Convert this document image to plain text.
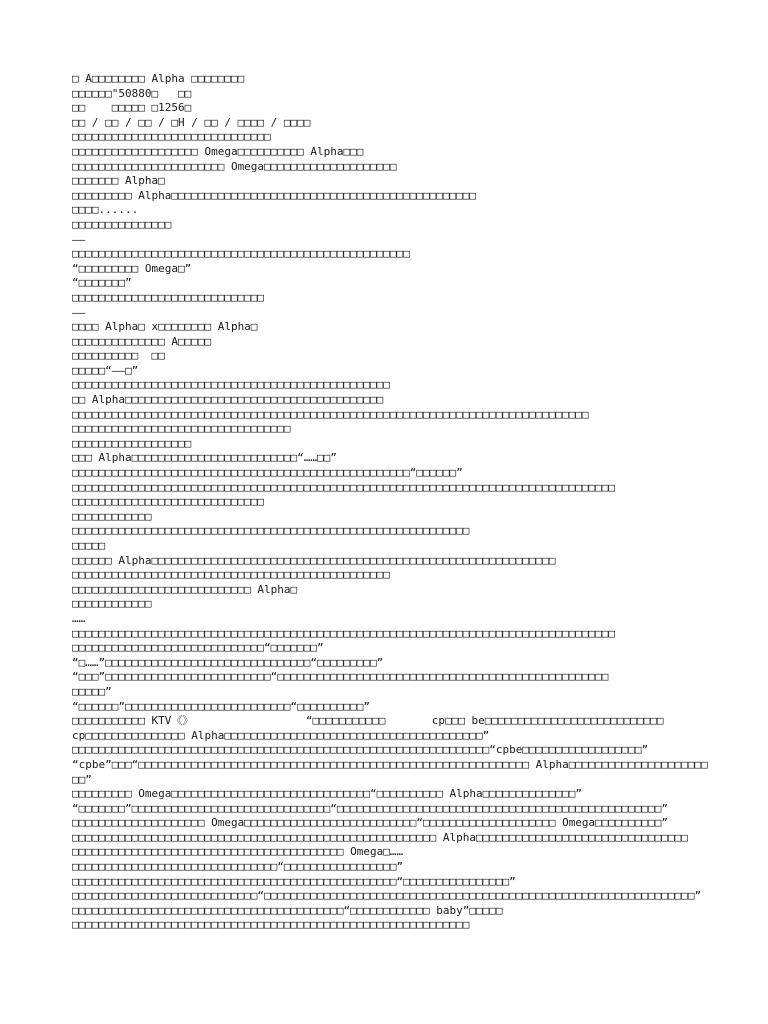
□ A□□□□□□□□ Alpha □□□□□□□□
□□□□□□"50880□   □□
□□    □□□□□ □1256□
□□ / □□ / □□ / □H / □□ / □□□□ / □□□□
□□□□□□□□□□□□□□□□□□□□□□□□□□□□□□
□□□□□□□□□□□□□□□□□□□ Omega□□□□□□□□□□ Alpha□□□
□□□□□□□□□□□□□□□□□□□□□□□ Omega□□□□□□□□□□□□□□□□□□□□
□□□□□□□ Alpha□
□□□□□□□□□ Alpha□□□□□□□□□□□□□□□□□□□□□□□□□□□□□□□□□□□□□□□□□□□□□□
□□□□......
□□□□□□□□□□□□□□□
——
□□□□□□□□□□□□□□□□□□□□□□□□□□□□□□□□□□□□□□□□□□□□□□□□□□□
“□□□□□□□□□ Omega□”
“□□□□□□□”
□□□□□□□□□□□□□□□□□□□□□□□□□□□□□
——
□□□□ Alpha□ x□□□□□□□□ Alpha□
□□□□□□□□□□□□□□ A□□□□□
□□□□□□□□□□  □□
□□□□□“——□”
□□□□□□□□□□□□□□□□□□□□□□□□□□□□□□□□□□□□□□□□□□□□□□□□
□□ Alpha□□□□□□□□□□□□□□□□□□□□□□□□□□□□□□□□□□□□□□□
□□□□□□□□□□□□□□□□□□□□□□□□□□□□□□□□□□□□□□□□□□□□□□□□□□□□□□□□□□□□□□□□□□□□□□□□□□□□□□
□□□□□□□□□□□□□□□□□□□□□□□□□□□□□□□□□
□□□□□□□□□□□□□□□□□□
□□□ Alpha□□□□□□□□□□□□□□□□□□□□□□□□□“……□□”
□□□□□□□□□□□□□□□□□□□□□□□□□□□□□□□□□□□□□□□□□□□□□□□□□□□“□□□□□□”
□□□□□□□□□□□□□□□□□□□□□□□□□□□□□□□□□□□□□□□□□□□□□□□□□□□□□□□□□□□□□□□□□□□□□□□□□□□□□□□□□□
□□□□□□□□□□□□□□□□□□□□□□□□□□□□□
□□□□□□□□□□□□
□□□□□□□□□□□□□□□□□□□□□□□□□□□□□□□□□□□□□□□□□□□□□□□□□□□□□□□□□□□□
□□□□□
□□□□□□ Alpha□□□□□□□□□□□□□□□□□□□□□□□□□□□□□□□□□□□□□□□□□□□□□□□□□□□□□□□□□□□□□
□□□□□□□□□□□□□□□□□□□□□□□□□□□□□□□□□□□□□□□□□□□□□□□□
□□□□□□□□□□□□□□□□□□□□□□□□□□□ Alpha□
□□□□□□□□□□□□
……
□□□□□□□□□□□□□□□□□□□□□□□□□□□□□□□□□□□□□□□□□□□□□□□□□□□□□□□□□□□□□□□□□□□□□□□□□□□□□□□□□□
□□□□□□□□□□□□□□□□□□□□□□□□□□□□□“□□□□□□□”
“□……”□□□□□□□□□□□□□□□□□□□□□□□□□□□□□□□“□□□□□□□□□”
“□□□”□□□□□□□□□□□□□□□□□□□□□□□□□“□□□□□□□□□□□□□□□□□□□□□□□□□□□□□□□□□□□□□□□□□□□□□□□□□□
□□□□□”
“□□□□□□”□□□□□□□□□□□□□□□□□□□□□□□□□“□□□□□□□□□□”
□□□□□□□□□□□ KTV《》                 “□□□□□□□□□□□       cp□□□ be□□□□□□□□□□□□□□□□□□□□□□□□□□□
cp□□□□□□□□□□□□□□□ Alpha□□□□□□□□□□□□□□□□□□□□□□□□□□□□□□□□□□□□□□□”
□□□□□□□□□□□□□□□□□□□□□□□□□□□□□□□□□□□□□□□□□□□□□□□□□□□□□□□□□□□□□□□“cpbe□□□□□□□□□□□□□□□□□□”
“cpbe”□□□“□□□□□□□□□□□□□□□□□□□□□□□□□□□□□□□□□□□□□□□□□□□□□□□□□□□□□□□□□□□ Alpha□□□□□□□□□□□□□□□□□□□□□
□□”
□□□□□□□□□ Omega□□□□□□□□□□□□□□□□□□□□□□□□□□□□□□“□□□□□□□□□□ Alpha□□□□□□□□□□□□□□”
“□□□□□□□”□□□□□□□□□□□□□□□□□□□□□□□□□□□□□□“□□□□□□□□□□□□□□□□□□□□□□□□□□□□□□□□□□□□□□□□□□□□□□□□□”
□□□□□□□□□□□□□□□□□□□□ Omega□□□□□□□□□□□□□□□□□□□□□□□□□□“□□□□□□□□□□□□□□□□□□□□ Omega□□□□□□□□□□”
□□□□□□□□□□□□□□□□□□□□□□□□□□□□□□□□□□□□□□□□□□□□□□□□□□□□□□□ Alpha□□□□□□□□□□□□□□□□□□□□□□□□□□□□□□□□
□□□□□□□□□□□□□□□□□□□□□□□□□□□□□□□□□□□□□□□□□ Omega□……
□□□□□□□□□□□□□□□□□□□□□□□□□□□□□□□“□□□□□□□□□□□□□□□□□”
□□□□□□□□□□□□□□□□□□□□□□□□□□□□□□□□□□□□□□□□□□□□□□□□□“□□□□□□□□□□□□□□□□”
□□□□□□□□□□□□□□□□□□□□□□□□□□□□“□□□□□□□□□□□□□□□□□□□□□□□□□□□□□□□□□□□□□□□□□□□□□□□□□□□□□□□□□□□□□□□□□”
□□□□□□□□□□□□□□□□□□□□□□□□□□□□□□□□□□□□□□□□□“□□□□□□□□□□□□ baby”□□□□□
□□□□□□□□□□□□□□□□□□□□□□□□□□□□□□□□□□□□□□□□□□□□□□□□□□□□□□□□□□□□
